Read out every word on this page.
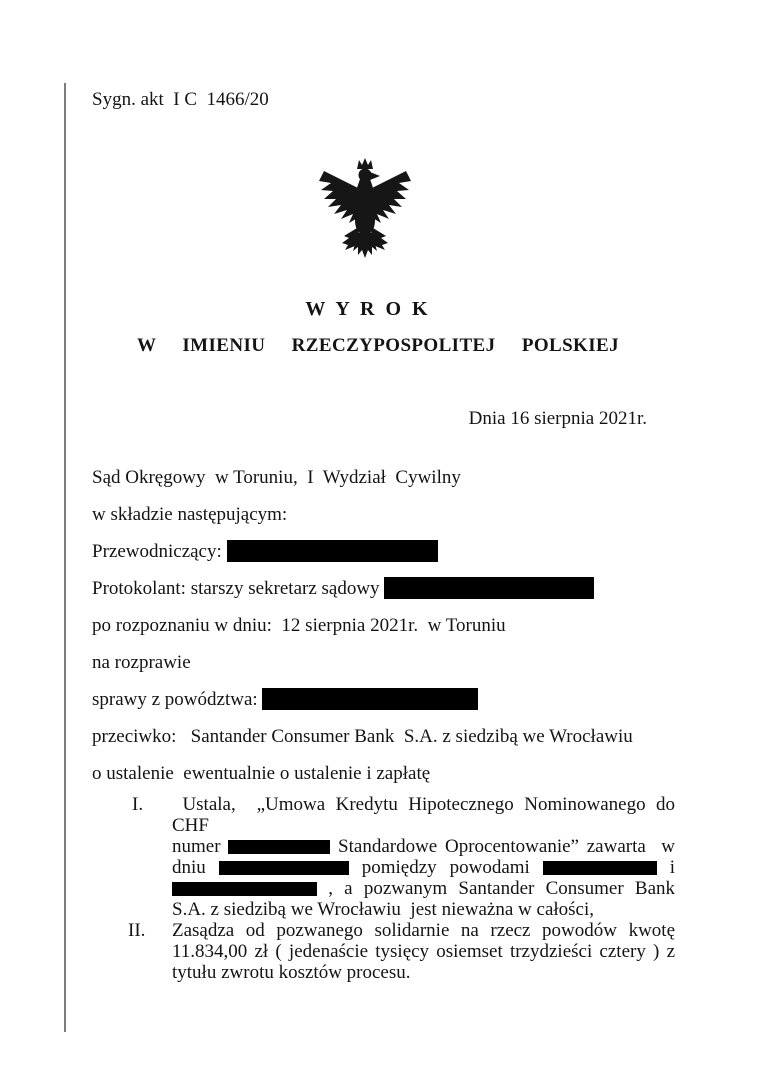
Sygn. akt  I C  1466/20
W Y R O K
W  IMIENIU  RZECZYPOSPOLITEJ  POLSKIEJ
Dnia 16 sierpnia 2021r.
Sąd Okręgowy  w Toruniu,  I  Wydział  Cywilny
w składzie następującym:
Przewodniczący:
Protokolant: starszy sekretarz sądowy
po rozpoznaniu w dniu:  12 sierpnia 2021r.  w Toruniu
na rozprawie
sprawy z powództwa:
przeciwko:   Santander Consumer Bank  S.A. z siedzibą we Wrocławiu
o ustalenie  ewentualnie o ustalenie i zapłatę
I. Ustala,  „Umowa Kredytu Hipotecznego Nominowanego do CHF
numer	Standardowe Oprocentowanie” zawarta  w
dniu	pomiędzy powodami	i
, a pozwanym Santander Consumer Bank
S.A. z siedzibą we Wrocławiu  jest nieważna w całości,
II. Zasądza od pozwanego solidarnie na rzecz powodów kwotę
11.834,00 zł ( jedenaście tysięcy osiemset trzydzieści cztery ) z
tytułu zwrotu kosztów procesu.
